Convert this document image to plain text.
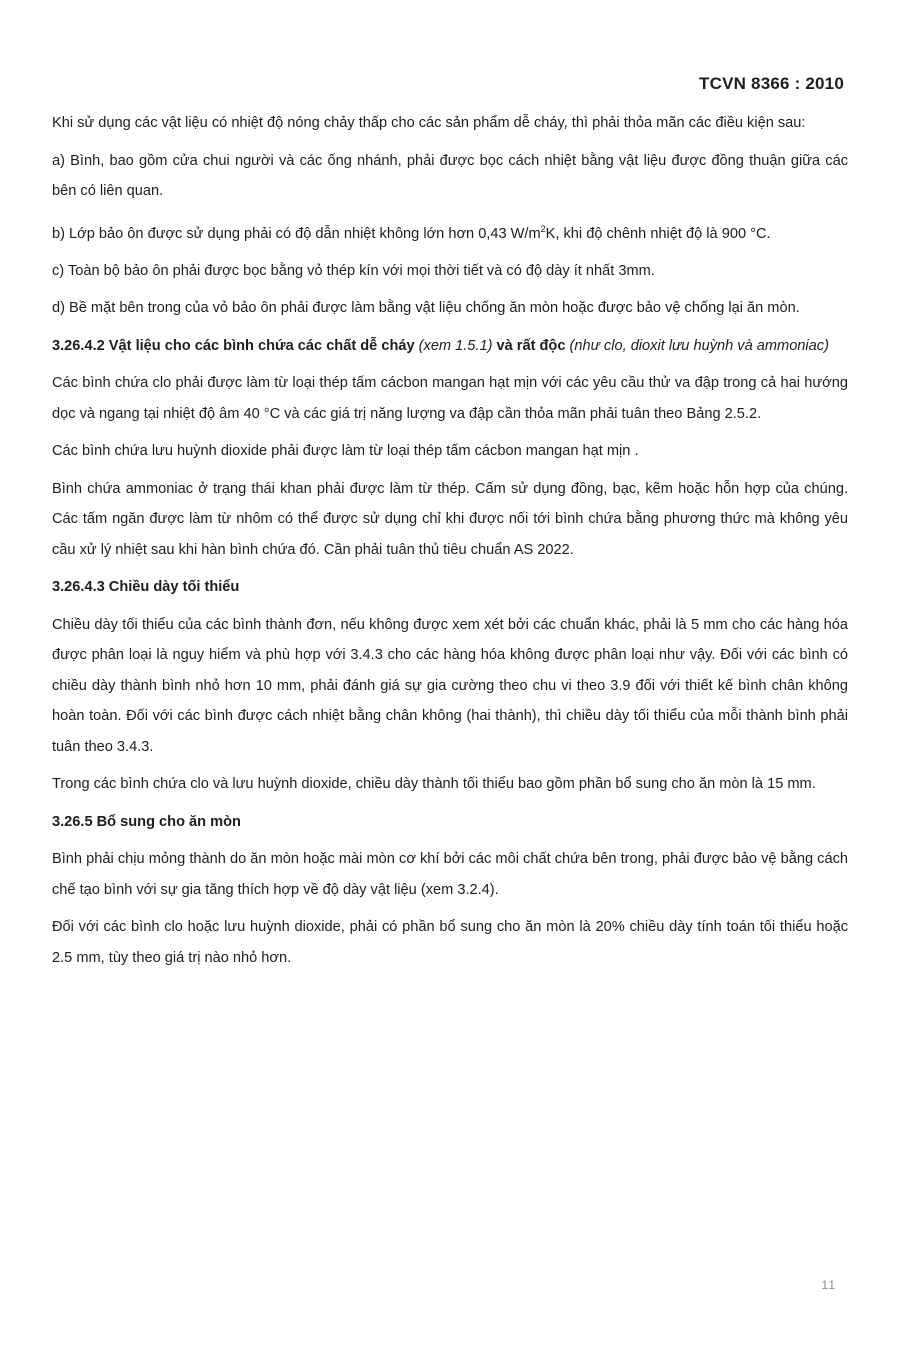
TCVN 8366 : 2010

Khi sử dụng các vật liệu có nhiệt độ nóng chảy thấp cho các sản phẩm dễ cháy, thì phải thỏa mãn các điều kiện sau:

a) Bình, bao gồm cửa chui người và các ống nhánh, phải được bọc cách nhiệt bằng vật liệu được đồng thuận giữa các bên có liên quan.

b) Lớp bảo ôn được sử dụng phải có độ dẫn nhiệt không lớn hơn 0,43 $W/m^2K$, khi độ chênh nhiệt độ là 900 °C.

c) Toàn bộ bảo ôn phải được bọc bằng vỏ thép kín với mọi thời tiết và có độ dày ít nhất 3mm.

d) Bề mặt bên trong của vỏ bảo ôn phải được làm bằng vật liệu chống ăn mòn hoặc được bảo vệ chống lại ăn mòn.

3.26.4.2 Vật liệu cho các bình chứa các chất dễ cháy (xem 1.5.1) và rất độc (như clo, dioxit lưu huỳnh và ammoniac)

Các bình chứa clo phải được làm từ loại thép tấm cácbon mangan hạt mịn với các yêu cầu thử va đập trong cả hai hướng dọc và ngang tại nhiệt độ âm 40 °C và các giá trị năng lượng va đập cần thỏa mãn phải tuân theo Bảng 2.5.2.

Các bình chứa lưu huỳnh dioxide phải được làm từ loại thép tấm cácbon mangan hạt mịn .

Bình chứa ammoniac ở trạng thái khan phải được làm từ thép. Cấm sử dụng đồng, bạc, kẽm hoặc hỗn hợp của chúng. Các tấm ngăn được làm từ nhôm có thể được sử dụng chỉ khi được nối tới bình chứa bằng phương thức mà không yêu cầu xử lý nhiệt sau khi hàn bình chứa đó. Cần phải tuân thủ tiêu chuẩn AS 2022.

3.26.4.3 Chiều dày tối thiểu

Chiều dày tối thiểu của các bình thành đơn, nếu không được xem xét bởi các chuẩn khác, phải là 5 mm cho các hàng hóa được phân loại là nguy hiểm và phù hợp với 3.4.3 cho các hàng hóa không được phân loại như vậy. Đối với các bình có chiều dày thành bình nhỏ hơn 10 mm, phải đánh giá sự gia cường theo chu vi theo 3.9 đối với thiết kế bình chân không hoàn toàn. Đối với các bình được cách nhiệt bằng chân không (hai thành), thì chiều dày tối thiểu của mỗi thành bình phải tuân theo 3.4.3.

Trong các bình chứa clo và lưu huỳnh dioxide, chiều dày thành tối thiểu bao gồm phần bổ sung cho ăn mòn là 15 mm.

3.26.5 Bổ sung cho ăn mòn

Bình phải chịu mỏng thành do ăn mòn hoặc mài mòn cơ khí bởi các môi chất chứa bên trong, phải được bảo vệ bằng cách chế tạo bình với sự gia tăng thích hợp về độ dày vật liệu (xem 3.2.4).

Đối với các bình clo hoặc lưu huỳnh dioxide, phải có phần bổ sung cho ăn mòn là 20% chiều dày tính toán tối thiểu hoặc 2.5 mm, tùy theo giá trị nào nhỏ hơn.

11
